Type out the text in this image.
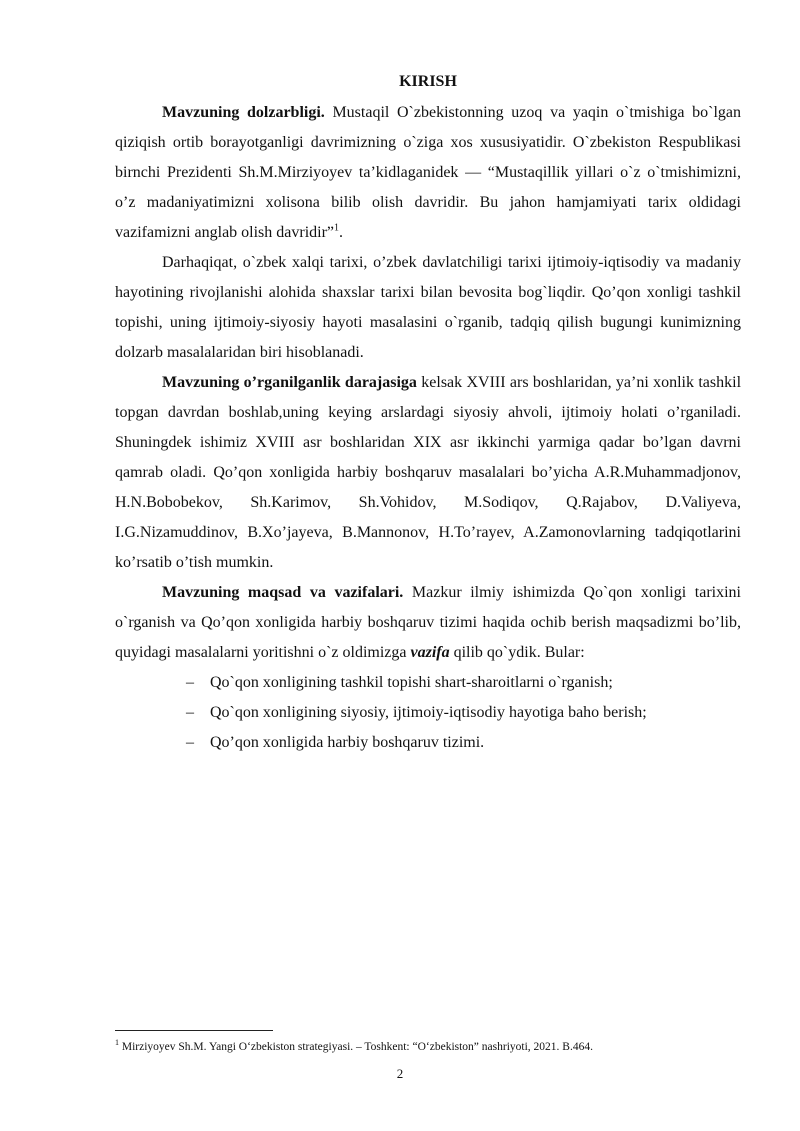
KIRISH

Mavzuning dolzarbligi. Mustaqil O`zbekistonning uzoq va yaqin o`tmishiga bo`lgan qiziqish ortib borayotganligi davrimizning o`ziga xos xususiyatidir. O`zbekiston Respublikasi birnchi Prezidenti Sh.M.Mirziyoyev ta’kidlaganidek — “Mustaqillik yillari o`z o`tmishimizni, o’z madaniyatimizni xolisona bilib olish davridir. Bu jahon hamjamiyati tarix oldidagi vazifamizni anglab olish davridir”$^1$.

Darhaqiqat, o`zbek xalqi tarixi, o’zbek davlatchiligi tarixi ijtimoiy-iqtisodiy va madaniy hayotining rivojlanishi alohida shaxslar tarixi bilan bevosita bog`liqdir. Qo’qon xonligi tashkil topishi, uning ijtimoiy-siyosiy hayoti masalasini o`rganib, tadqiq qilish bugungi kunimizning dolzarb masalalaridan biri hisoblanadi.

Mavzuning o’rganilganlik darajasiga kelsak XVIII ars boshlaridan, ya’ni xonlik tashkil topgan davrdan boshlab,uning keying arslardagi siyosiy ahvoli, ijtimoiy holati o’rganiladi. Shuningdek ishimiz XVIII asr boshlaridan XIX asr ikkinchi yarmiga qadar bo’lgan davrni qamrab oladi. Qo’qon xonligida harbiy boshqaruv masalalari bo’yicha A.R.Muhammadjonov, H.N.Bobobekov, Sh.Karimov, Sh.Vohidov, M.Sodiqov, Q.Rajabov, D.Valiyeva, I.G.Nizamuddinov, B.Xo’jayeva, B.Mannonov, H.To’rayev, A.Zamonovlarning tadqiqotlarini ko’rsatib o’tish mumkin.

Mavzuning maqsad va vazifalari. Mazkur ilmiy ishimizda Qo`qon xonligi tarixini o`rganish va Qo’qon xonligida harbiy boshqaruv tizimi haqida ochib berish maqsadizmi bo’lib, quyidagi masalalarni yoritishni o`z oldimizga vazifa qilib qo`ydik. Bular:

–	Qo`qon xonligining tashkil topishi shart-sharoitlarni o`rganish;
–	Qo`qon xonligining siyosiy, ijtimoiy-iqtisodiy hayotiga baho berish;
–	Qo’qon xonligida harbiy boshqaruv tizimi.
$^1$ Mirziyoyev Sh.M. Yangi O‘zbekiston strategiyasi. – Toshkent: “O‘zbekiston” nashriyoti, 2021. B.464.
2
